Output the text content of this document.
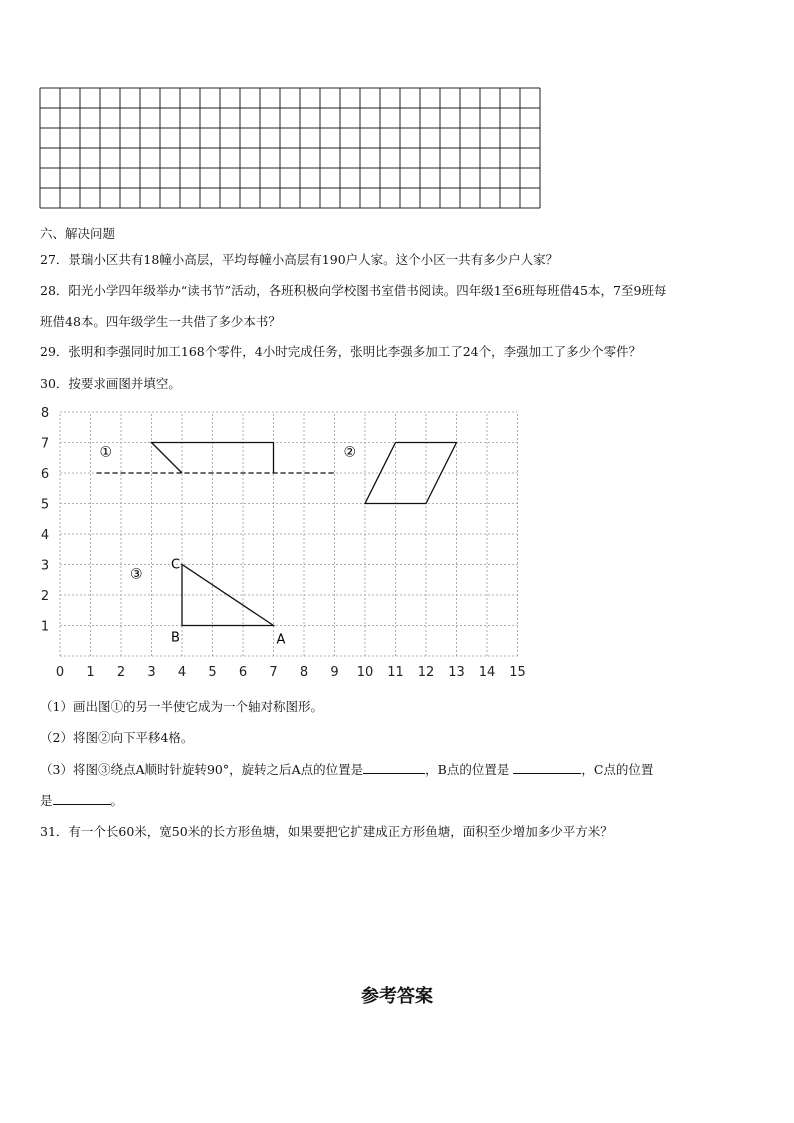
六、解决问题
27．景瑞小区共有18幢小高层，平均每幢小高层有190户人家。这个小区一共有多少户人家？
28．阳光小学四年级举办“读书节”活动，各班积极向学校图书室借书阅读。四年级1至6班每班借45本，7至9班每
班借48本。四年级学生一共借了多少本书？
29．张明和李强同时加工168个零件，4小时完成任务，张明比李强多加工了24个，李强加工了多少个零件？
30．按要求画图并填空。
0 1 2 3 4 5 6 7 8 9 10 11 12 13 14 15
1
2
3
4
5
6
7
8
①	②
③
C
B	A
（1）画出图①的另一半使它成为一个轴对称图形。
（2）将图②向下平移4格。
（3）将图③绕点A顺时针旋转90°，旋转之后A点的位置是	，B点的位置是	，C点的位置
是	。
31．有一个长60米，宽50米的长方形鱼塘，如果要把它扩建成正方形鱼塘，面积至少增加多少平方米？
参考答案
